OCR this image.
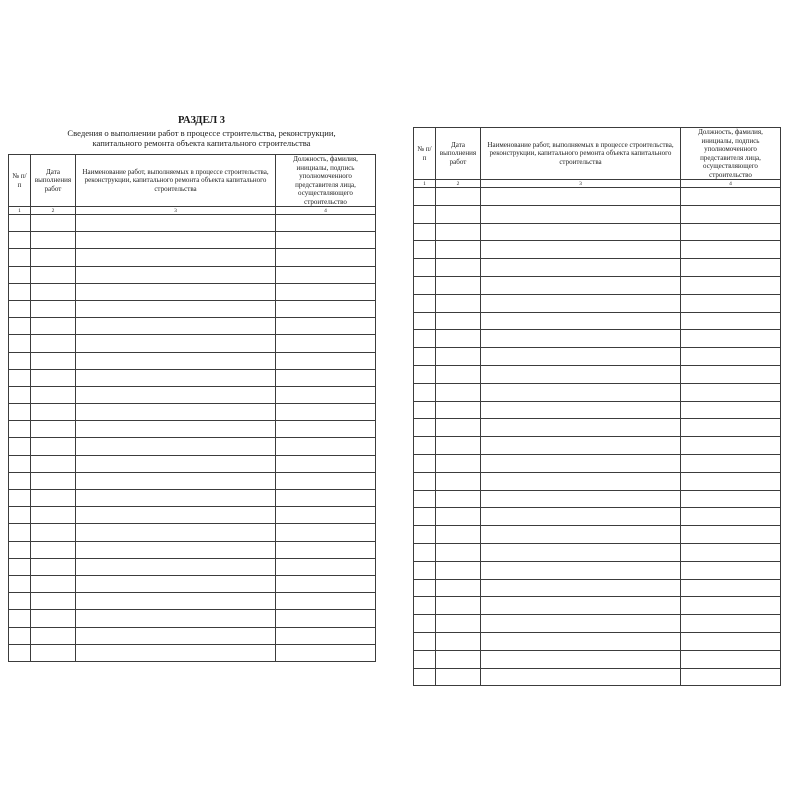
РАЗДЕЛ 3

Сведения о выполнении работ в процессе строительства, реконструкции,
капитального ремонта объекта капитального строительства

№ п/п	Дата выполнения работ	Наименование работ, выполняемых в процессе строительства, реконструкции, капитального ремонта объекта капитального строительства	Должность, фамилия, инициалы, подпись уполномоченного представителя лица, осуществляющего строительство

1	2	3	4

№ п/п	Дата выполнения работ	Наименование работ, выполняемых в процессе строительства, реконструкции, капитального ремонта объекта капитального строительства	Должность, фамилия, инициалы, подпись уполномоченного представителя лица, осуществляющего строительство

1	2	3	4
